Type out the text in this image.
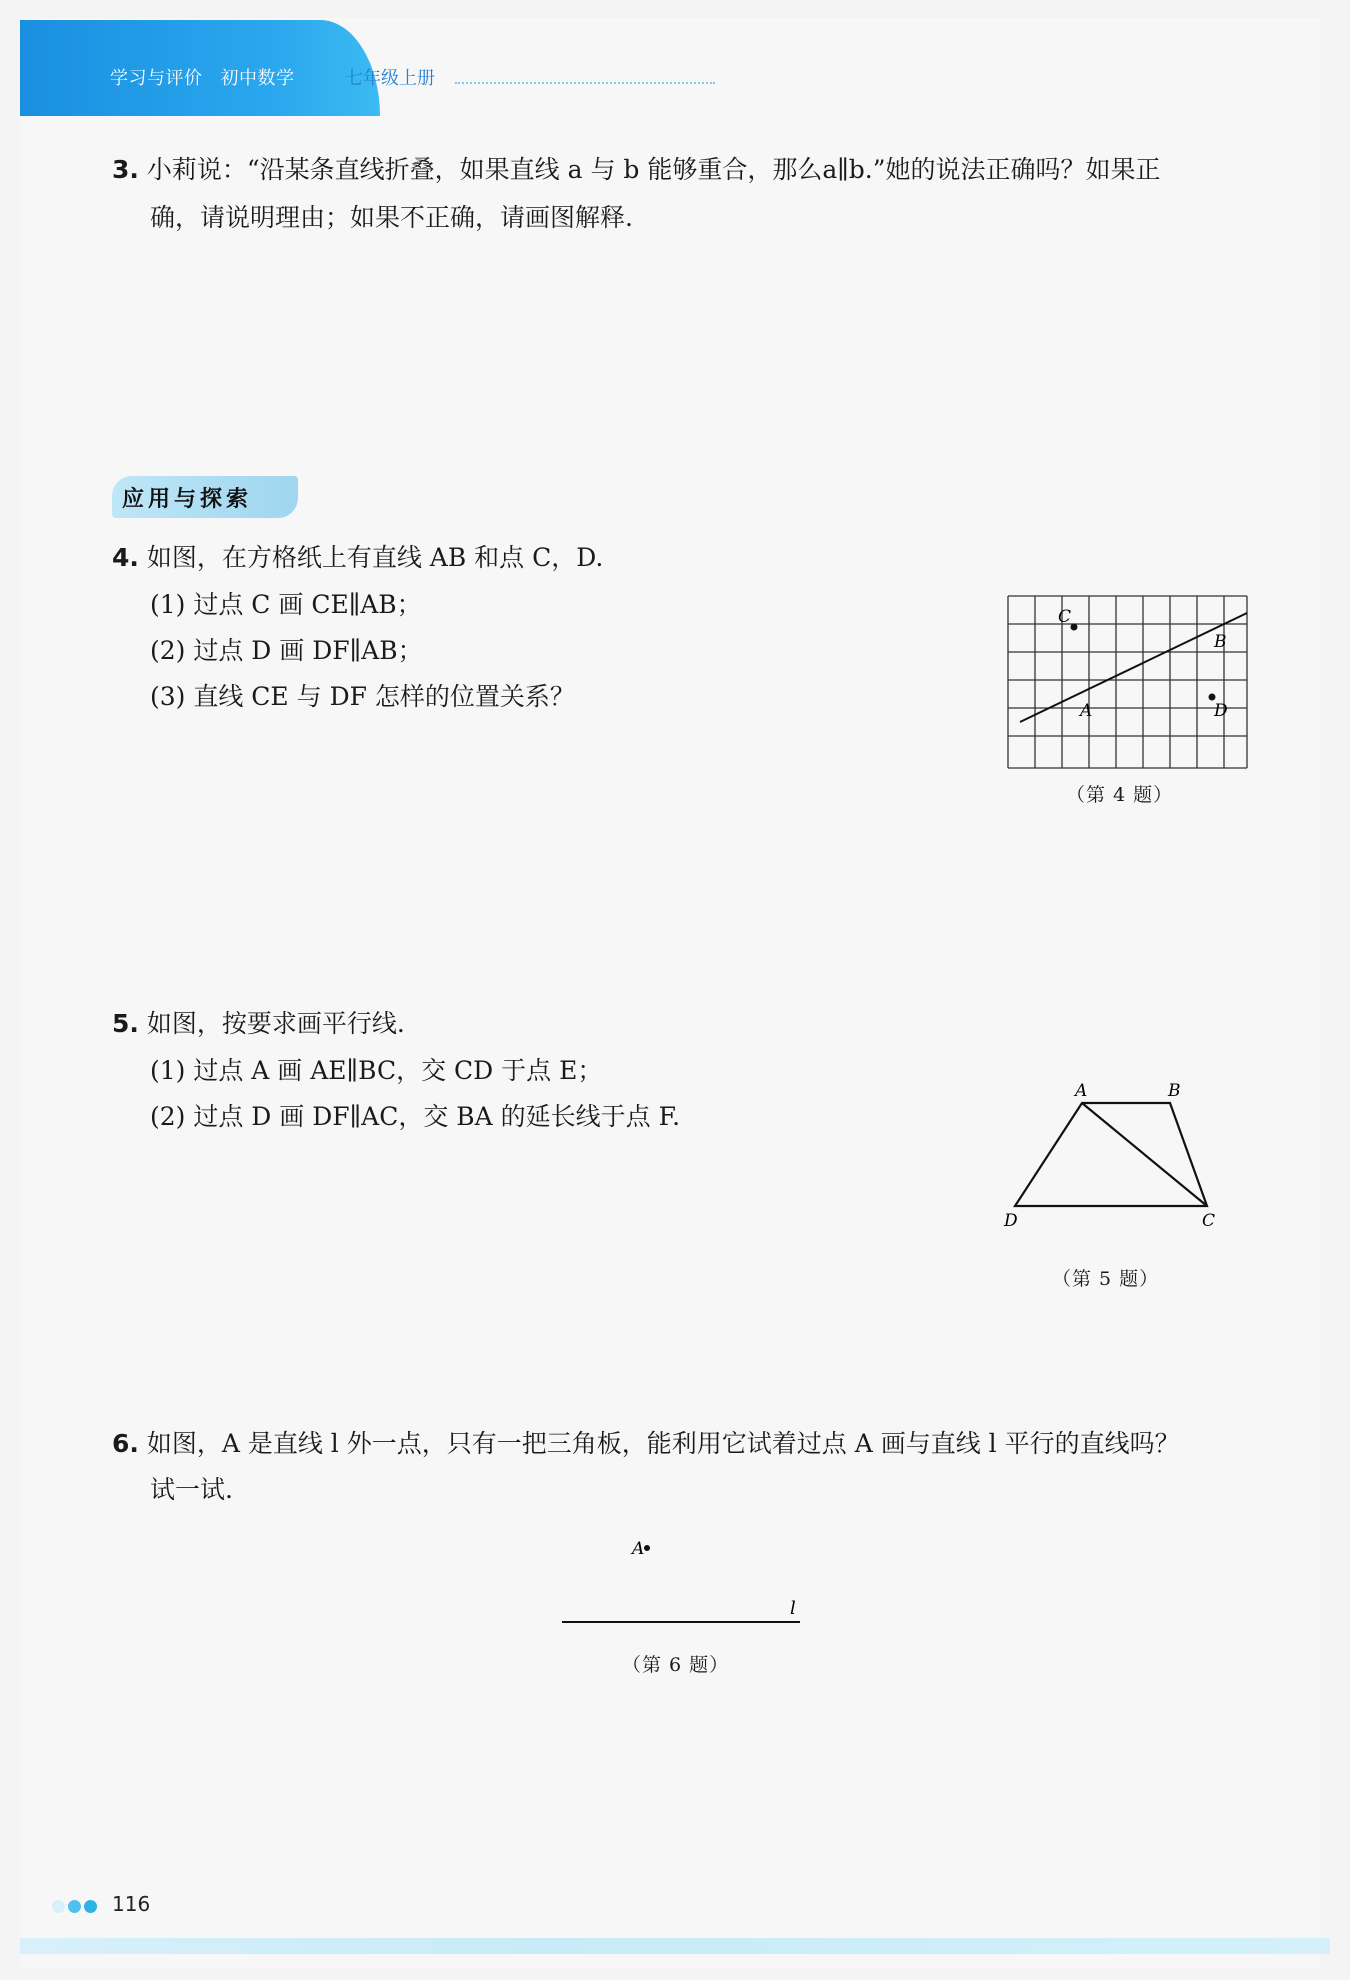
学习与评价 初中数学	七年级上册
3. 小莉说：“沿某条直线折叠，如果直线 a 与 b 能够重合，那么a∥b.”她的说法正确吗？如果正
确，请说明理由；如果不正确，请画图解释.
应用与探索
4. 如图，在方格纸上有直线 AB 和点 C，D.
(1) 过点 C 画 CE∥AB；
(2) 过点 D 画 DF∥AB；
(3) 直线 CE 与 DF 怎样的位置关系？
C
B
A	D
（第 4 题）
5. 如图，按要求画平行线.
(1) 过点 A 画 AE∥BC，交 CD 于点 E；
(2) 过点 D 画 DF∥AC，交 BA 的延长线于点 F.
A	B
C
D
（第 5 题）
6. 如图，A 是直线 l 外一点，只有一把三角板，能利用它试着过点 A 画与直线 l 平行的直线吗？
试一试.
A
l
（第 6 题）
116
